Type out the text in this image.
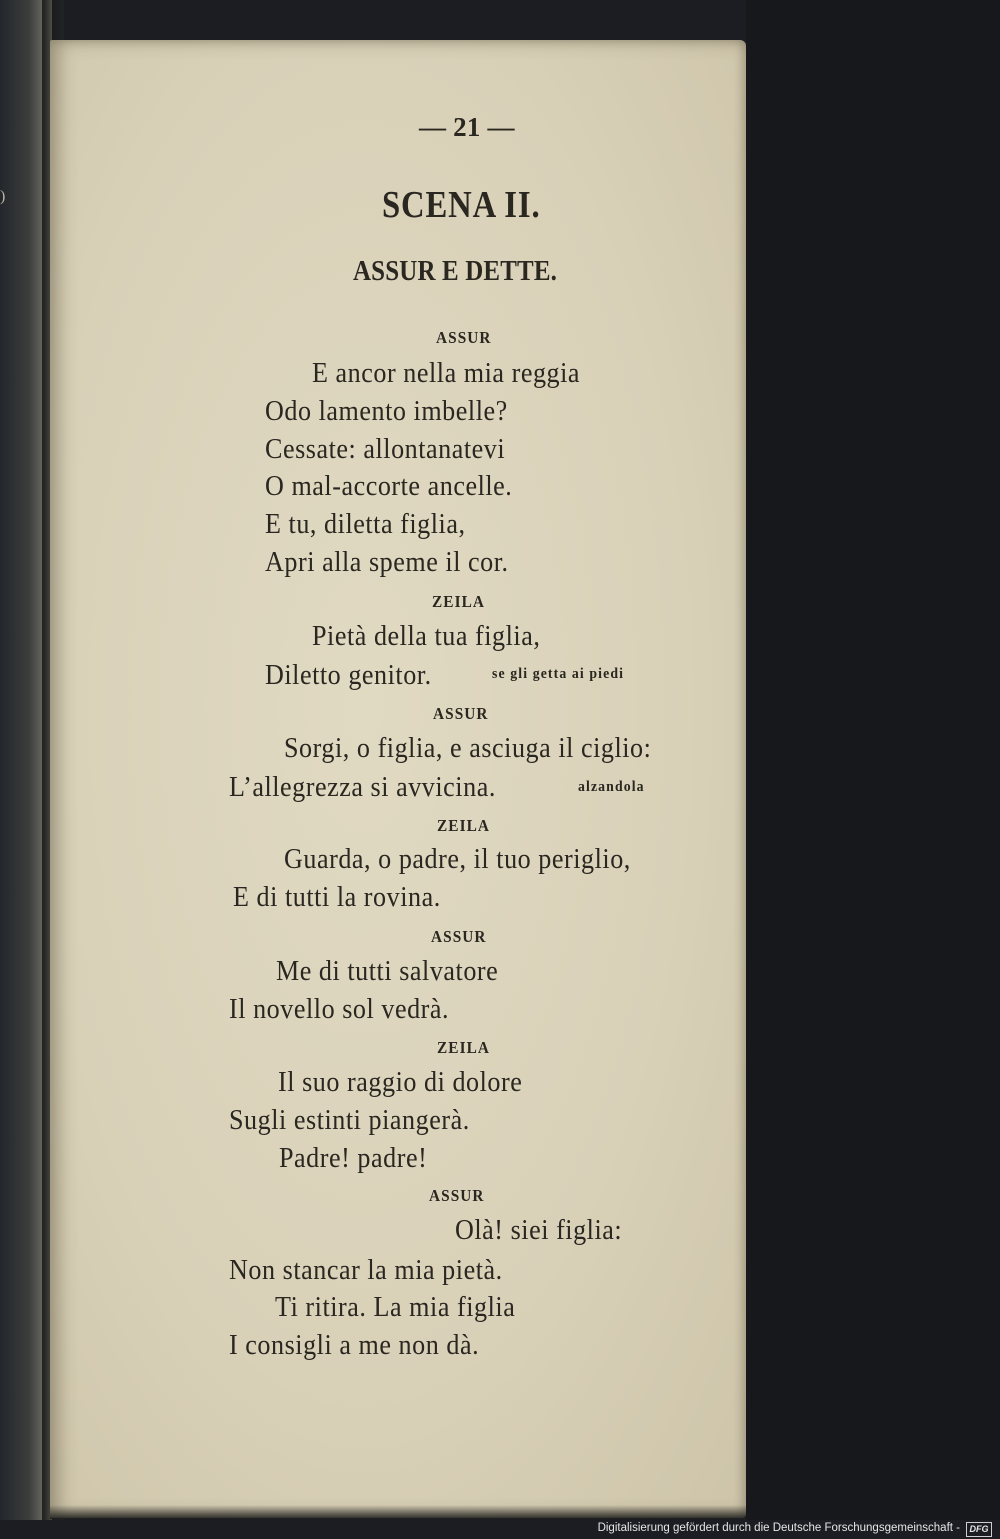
)
— 21 —
SCENA II.
ASSUR E DETTE.
ASSUR
E ancor nella mia reggia
Odo lamento imbelle?
Cessate: allontanatevi
O mal-accorte ancelle.
E tu, diletta figlia,
Apri alla speme il cor.
ZEILA
Pietà della tua figlia,
Diletto genitor.	se gli getta ai piedi
ASSUR
Sorgi, o figlia, e asciuga il ciglio:
L’allegrezza si avvicina.	alzandola
ZEILA
Guarda, o padre, il tuo periglio,
E di tutti la rovina.
ASSUR
Me di tutti salvatore
Il novello sol vedrà.
ZEILA
Il suo raggio di dolore
Sugli estinti piangerà.
Padre! padre!
ASSUR
Olà! siei figlia:
Non stancar la mia pietà.
Ti ritira. La mia figlia
I consigli a me non dà.
Digitalisierung gefördert durch die Deutsche Forschungsgemeinschaft -	DFG
